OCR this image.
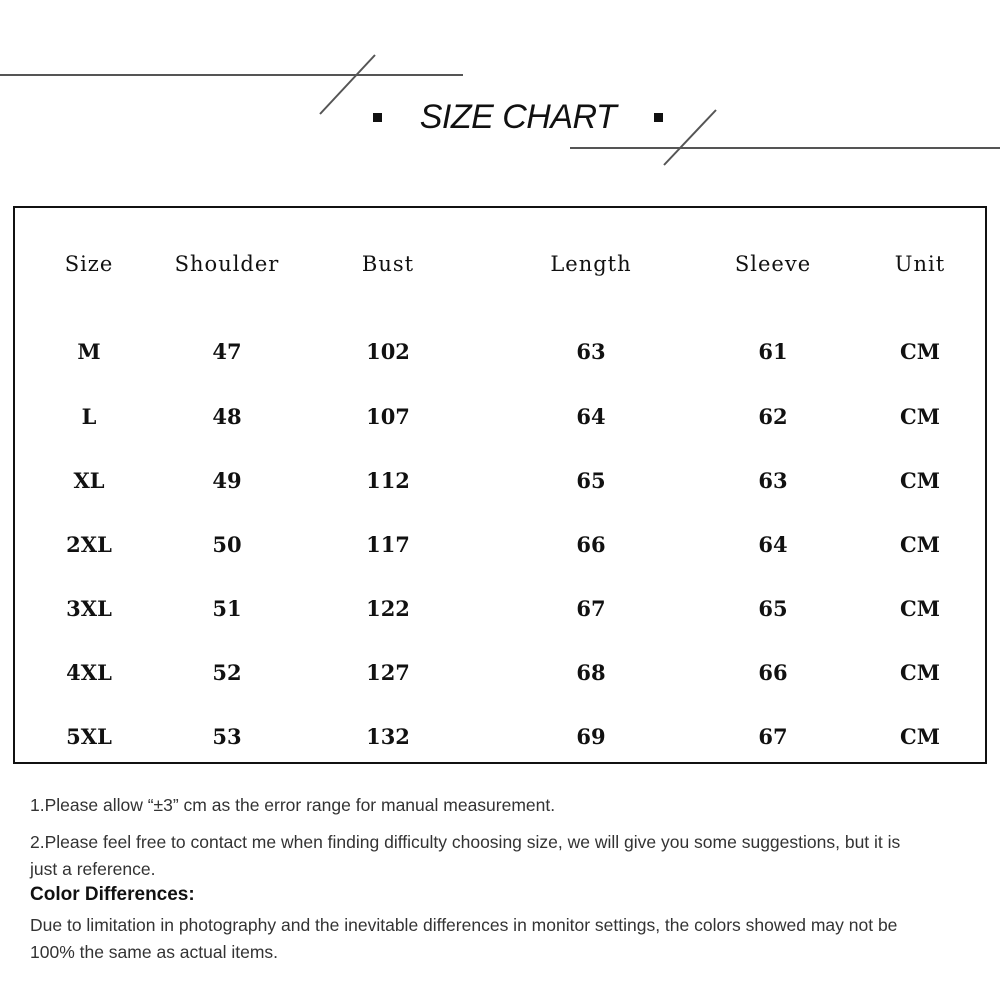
SIZE CHART
Size	Shoulder	Bust	Length	Sleeve	Unit
M	47	102	63	61	CM
L	48	107	64	62	CM
XL	49	112	65	63	CM
2XL	50	117	66	64	CM
3XL	51	122	67	65	CM
4XL	52	127	68	66	CM
5XL	53	132	69	67	CM
1.Please allow “±3” cm as the error range for manual measurement.
2.Please feel free to contact me when finding difficulty choosing size, we will give you some suggestions, but it is
just a reference.
Color Differences:
Due to limitation in photography and the inevitable differences in monitor settings, the colors showed may not be
100% the same as actual items.
